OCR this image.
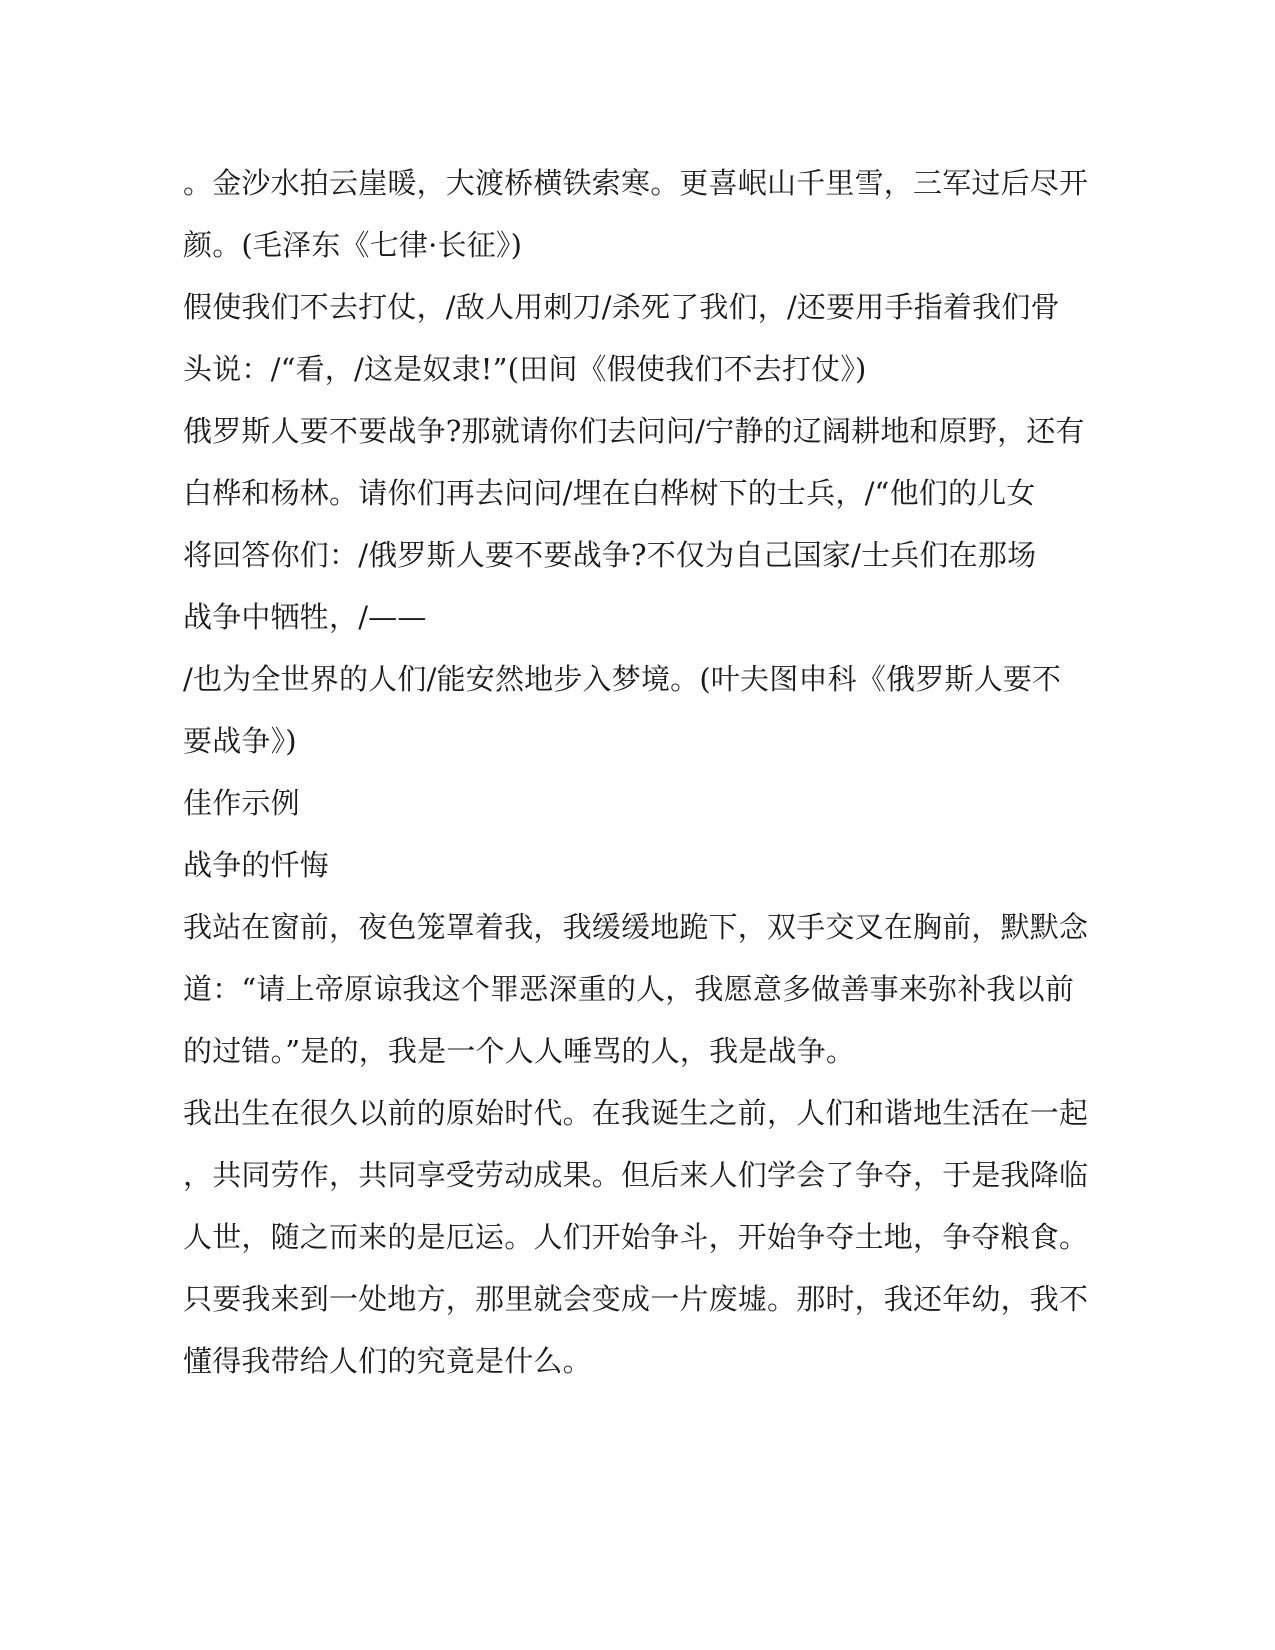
。金沙水拍云崖暖，大渡桥横铁索寒。更喜岷山千里雪，三军过后尽开
颜。(毛泽东《七律·长征》)
假使我们不去打仗，/敌人用刺刀/杀死了我们，/还要用手指着我们骨
头说：/“看，/这是奴隶!”(田间《假使我们不去打仗》)
俄罗斯人要不要战争?那就请你们去问问/宁静的辽阔耕地和原野，还有
白桦和杨林。请你们再去问问/埋在白桦树下的士兵，/“他们的儿女
将回答你们：/俄罗斯人要不要战争?不仅为自己国家/士兵们在那场
战争中牺牲，/——
/也为全世界的人们/能安然地步入梦境。(叶夫图申科《俄罗斯人要不
要战争》)
佳作示例
战争的忏悔
我站在窗前，夜色笼罩着我，我缓缓地跪下，双手交叉在胸前，默默念
道：“请上帝原谅我这个罪恶深重的人，我愿意多做善事来弥补我以前
的过错。”是的，我是一个人人唾骂的人，我是战争。
我出生在很久以前的原始时代。在我诞生之前，人们和谐地生活在一起
，共同劳作，共同享受劳动成果。但后来人们学会了争夺，于是我降临
人世，随之而来的是厄运。人们开始争斗，开始争夺土地，争夺粮食。
只要我来到一处地方，那里就会变成一片废墟。那时，我还年幼，我不
懂得我带给人们的究竟是什么。
